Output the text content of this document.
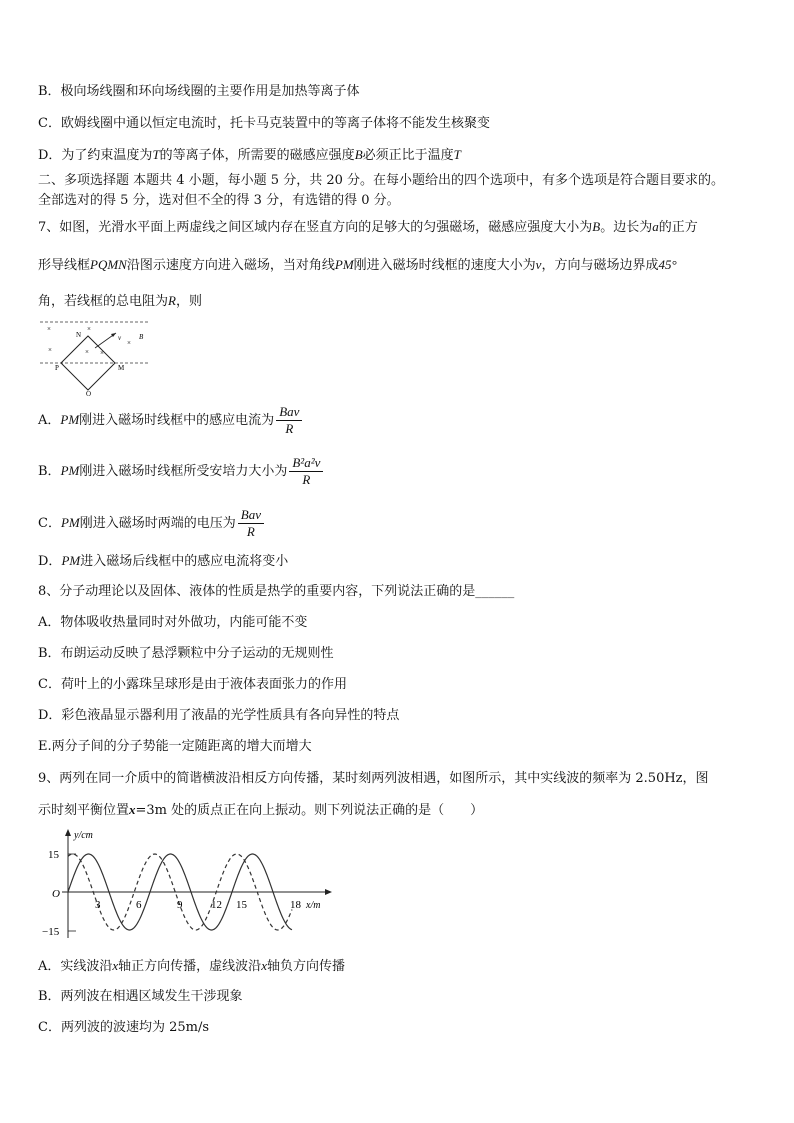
B．极向场线圈和环向场线圈的主要作用是加热等离子体
C．欧姆线圈中通以恒定电流时，托卡马克装置中的等离子体将不能发生核聚变
D．为了约束温度为T的等离子体，所需要的磁感应强度B必须正比于温度T
二、多项选择题 本题共 4 小题，每小题 5 分，共 20 分。在每小题给出的四个选项中，有多个选项是符合题目要求的。
全部选对的得 5 分，选对但不全的得 3 分，有选错的得 0 分。
7、如图，光滑水平面上两虚线之间区域内存在竖直方向的足够大的匀强磁场，磁感应强度大小为B。边长为a的正方
形导线框PQMN沿图示速度方向进入磁场，当对角线PM刚进入磁场时线框的速度大小为v，方向与磁场边界成45°
角，若线框的总电阻为R，则
×	×
×	× ×
×
N
P	M
Q
v	B
A．PM刚进入磁场时线框中的感应电流为 $\frac{\text{Bav}}{R}$
B．PM刚进入磁场时线框所受安培力大小为 $\frac{\text{B²a²v}}{R}$
C．PM刚进入磁场时两端的电压为 $\frac{\text{Bav}}{R}$
D．PM进入磁场后线框中的感应电流将变小
8、分子动理论以及固体、液体的性质是热学的重要内容，下列说法正确的是______
A．物体吸收热量同时对外做功，内能可能不变
B．布朗运动反映了悬浮颗粒中分子运动的无规则性
C．荷叶上的小露珠呈球形是由于液体表面张力的作用
D．彩色液晶显示器利用了液晶的光学性质具有各向异性的特点
E.两分子间的分子势能一定随距离的增大而增大
9、两列在同一介质中的简谐横波沿相反方向传播，某时刻两列波相遇，如图所示，其中实线波的频率为 2.50Hz，图
示时刻平衡位置x=3m 处的质点正在向上振动。则下列说法正确的是（　　）
y/cm
x/m
O
15
−15
3	6	9	12 15	18
A．实线波沿x轴正方向传播，虚线波沿x轴负方向传播
B．两列波在相遇区域发生干涉现象
C．两列波的波速均为 25m/s
